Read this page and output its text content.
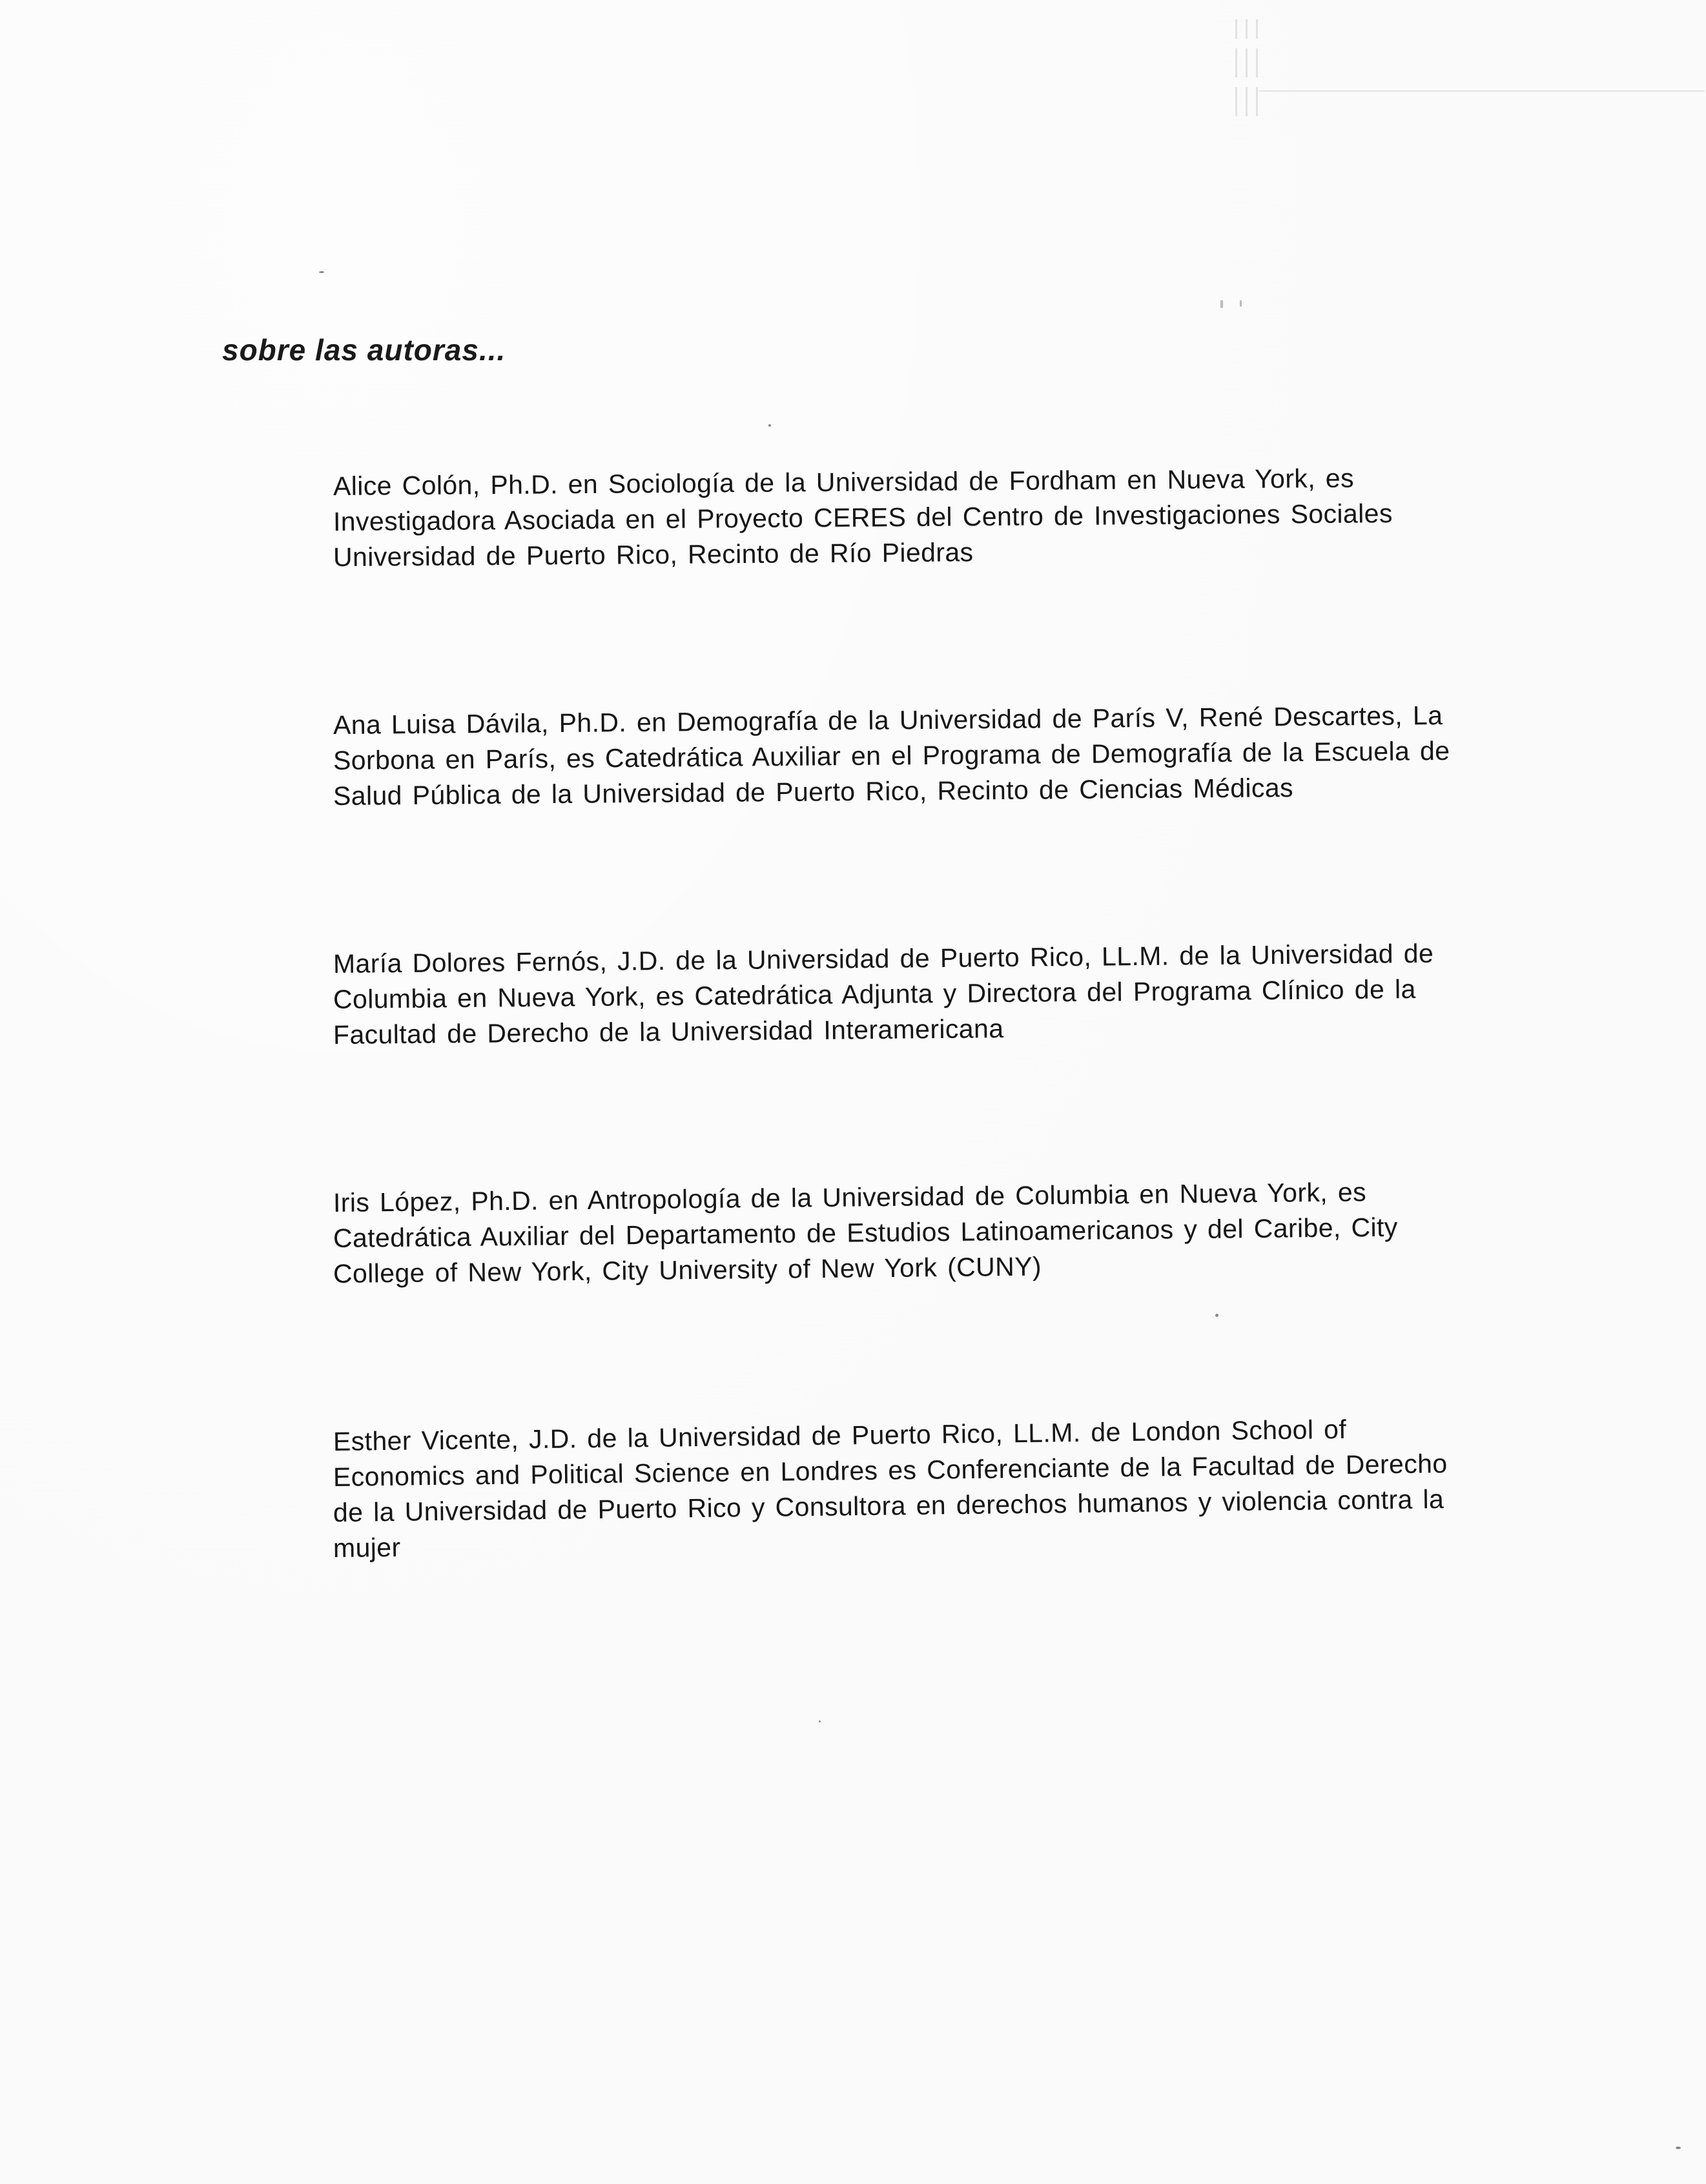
sobre las autoras...

Alice Colón, Ph.D. en Sociología de la Universidad de Fordham en Nueva York, es
Investigadora Asociada en el Proyecto CERES del Centro de Investigaciones Sociales
Universidad de Puerto Rico, Recinto de Río Piedras

Ana Luisa Dávila, Ph.D. en Demografía de la Universidad de París V, René Descartes, La
Sorbona en París, es Catedrática Auxiliar en el Programa de Demografía de la Escuela de
Salud Pública de la Universidad de Puerto Rico, Recinto de Ciencias Médicas

María Dolores Fernós, J.D. de la Universidad de Puerto Rico, LL.M. de la Universidad de
Columbia en Nueva York, es Catedrática Adjunta y Directora del Programa Clínico de la
Facultad de Derecho de la Universidad Interamericana

Iris López, Ph.D. en Antropología de la Universidad de Columbia en Nueva York, es
Catedrática Auxiliar del Departamento de Estudios Latinoamericanos y del Caribe, City
College of New York, City University of New York (CUNY)

Esther Vicente, J.D. de la Universidad de Puerto Rico, LL.M. de London School of
Economics and Political Science en Londres es Conferenciante de la Facultad de Derecho
de la Universidad de Puerto Rico y Consultora en derechos humanos y violencia contra la
mujer
